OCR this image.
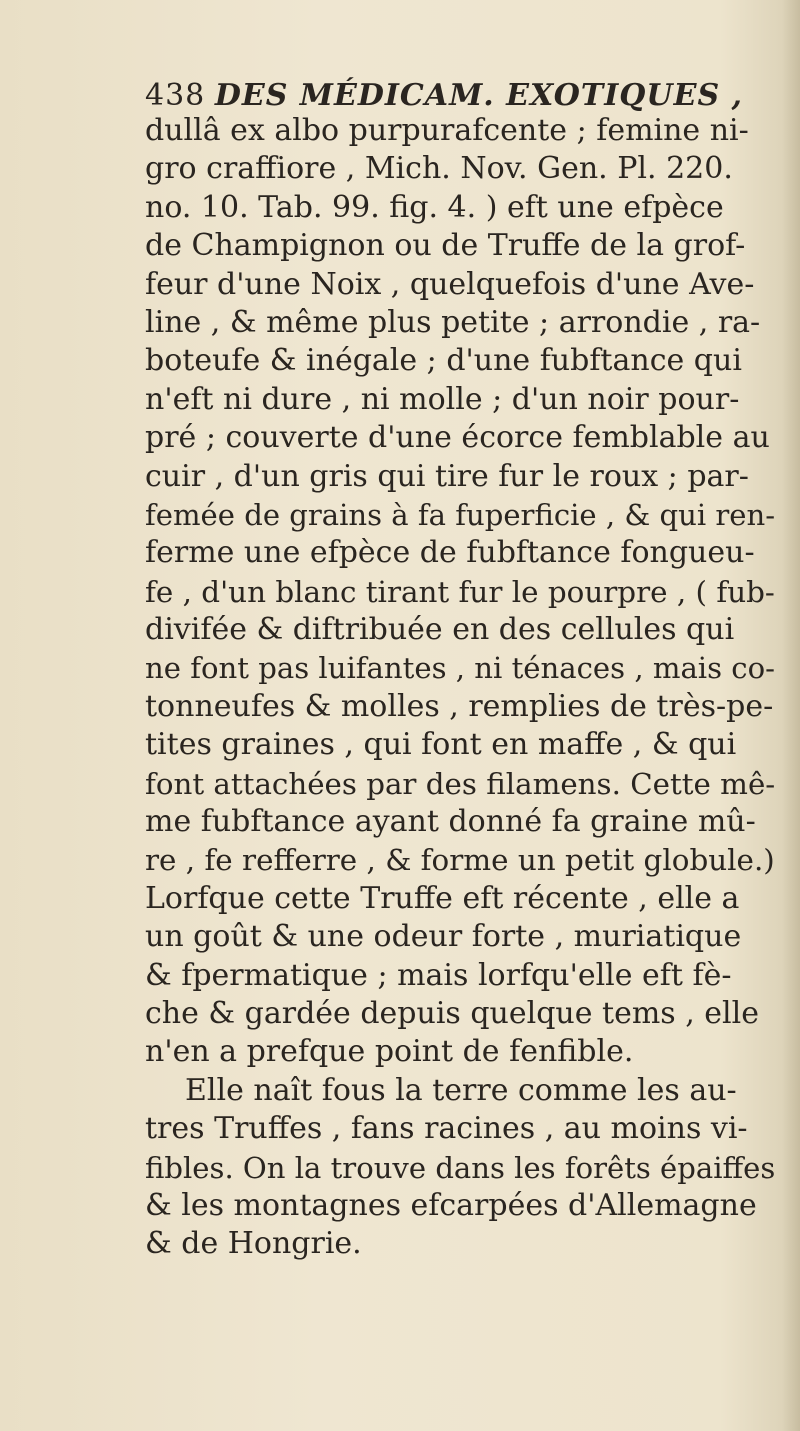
438 DES MÉDICAM. EXOTIQUES ,
dullâ ex albo purpurafcente ; femine ni-
gro craffiore , Mich. Nov. Gen. Pl. 220.
no. 10. Tab. 99. fig. 4. ) eft une efpèce
de Champignon ou de Truffe de la grof-
feur d'une Noix , quelquefois d'une Ave-
line , & même plus petite ; arrondie , ra-
boteufe & inégale ; d'une fubftance qui
n'eft ni dure , ni molle ; d'un noir pour-
pré ; couverte d'une écorce femblable au
cuir , d'un gris qui tire fur le roux ; par-
femée de grains à fa fuperficie , & qui ren-
ferme une efpèce de fubftance fongueu-
fe , d'un blanc tirant fur le pourpre , ( fub-
divifée & diftribuée en des cellules qui
ne font pas luifantes , ni ténaces , mais co-
tonneufes & molles , remplies de très-pe-
tites graines , qui font en maffe , & qui
font attachées par des filamens. Cette mê-
me fubftance ayant donné fa graine mû-
re , fe refferre , & forme un petit globule.)
Lorfque cette Truffe eft récente , elle a
un goût & une odeur forte , muriatique
& fpermatique ; mais lorfqu'elle eft fè-
che & gardée depuis quelque tems , elle
n'en a prefque point de fenfible.
Elle naît fous la terre comme les au-
tres Truffes , fans racines , au moins vi-
fibles. On la trouve dans les forêts épaiffes
& les montagnes efcarpées d'Allemagne
& de Hongrie.
